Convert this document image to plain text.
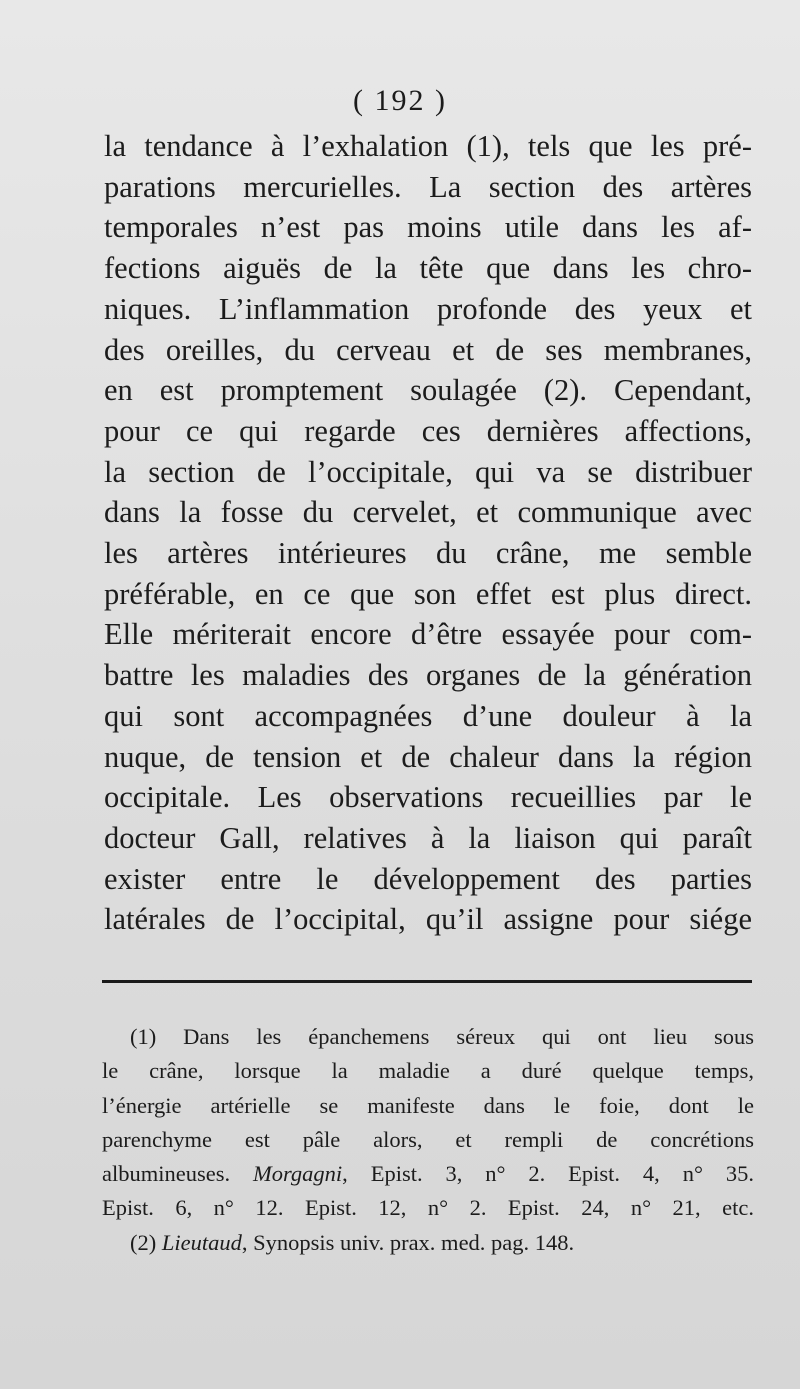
( 192 )
la tendance à l’exhalation (1), tels que les pré-
parations mercurielles. La section des artères
temporales n’est pas moins utile dans les af-
fections aiguës de la tête que dans les chro-
niques. L’inflammation profonde des yeux et
des oreilles, du cerveau et de ses membranes,
en est promptement soulagée (2). Cependant,
pour ce qui regarde ces dernières affections,
la section de l’occipitale, qui va se distribuer
dans la fosse du cervelet, et communique avec
les artères intérieures du crâne, me semble
préférable, en ce que son effet est plus direct.
Elle mériterait encore d’être essayée pour com-
battre les maladies des organes de la génération
qui sont accompagnées d’une douleur à la
nuque, de tension et de chaleur dans la région
occipitale. Les observations recueillies par le
docteur Gall, relatives à la liaison qui paraît
exister entre le développement des parties
latérales de l’occipital, qu’il assigne pour siége
(1) Dans les épanchemens séreux qui ont lieu sous
le crâne, lorsque la maladie a duré quelque temps,
l’énergie artérielle se manifeste dans le foie, dont le
parenchyme est pâle alors, et rempli de concrétions
albumineuses. Morgagni, Epist. 3, n° 2. Epist. 4, n° 35.
Epist. 6, n° 12. Epist. 12, n° 2. Epist. 24, n° 21, etc.
(2) Lieutaud, Synopsis univ. prax. med. pag. 148.
